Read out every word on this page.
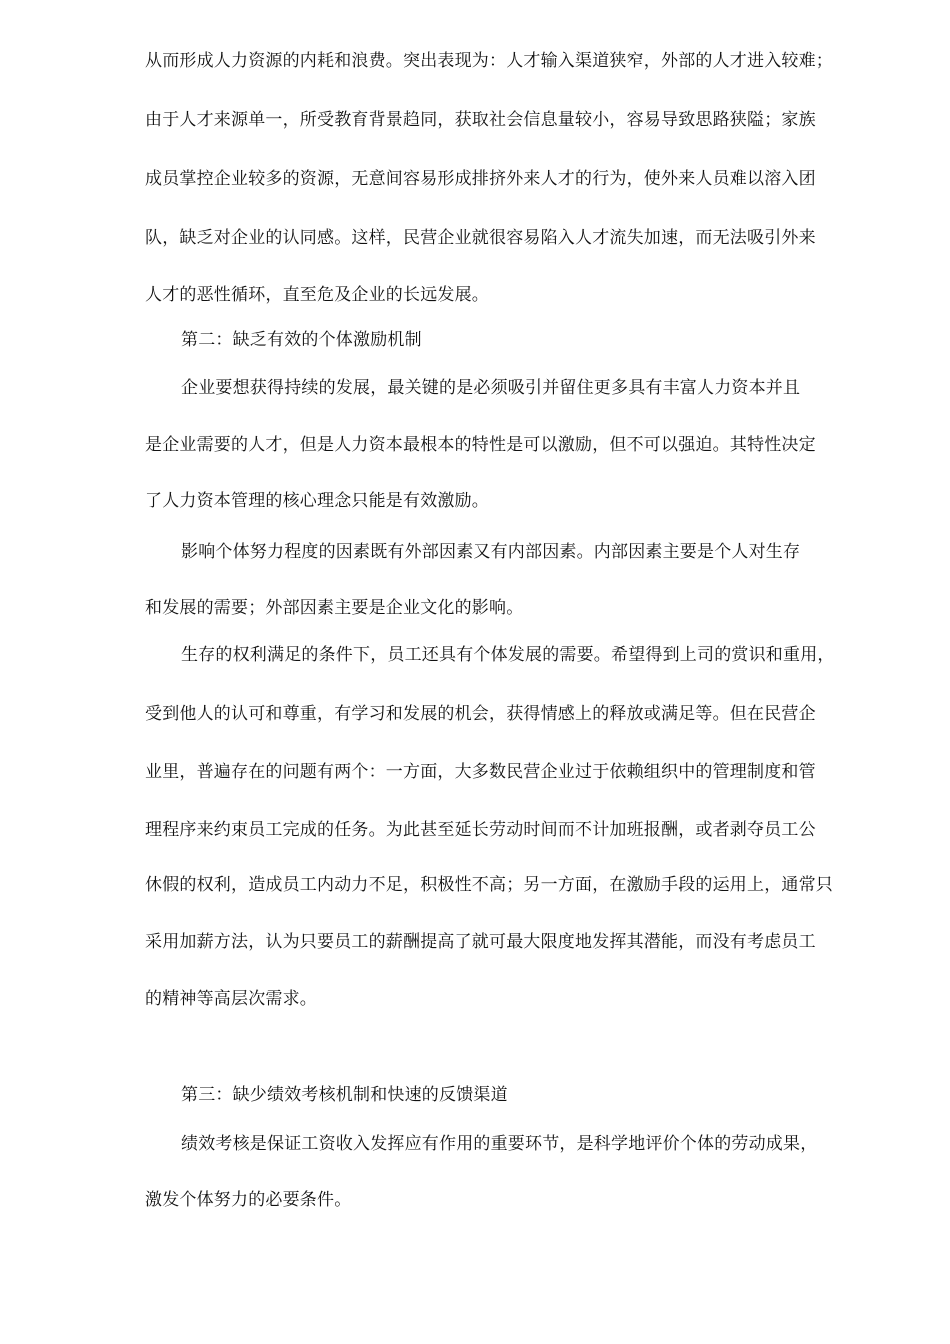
从而形成人力资源的内耗和浪费。突出表现为：人才输入渠道狭窄，外部的人才进入较难；
由于人才来源单一，所受教育背景趋同，获取社会信息量较小，容易导致思路狭隘；家族
成员掌控企业较多的资源，无意间容易形成排挤外来人才的行为，使外来人员难以溶入团
队，缺乏对企业的认同感。这样，民营企业就很容易陷入人才流失加速，而无法吸引外来
人才的恶性循环，直至危及企业的长远发展。
第二：缺乏有效的个体激励机制
企业要想获得持续的发展，最关键的是必须吸引并留住更多具有丰富人力资本并且
是企业需要的人才，但是人力资本最根本的特性是可以激励，但不可以强迫。其特性决定
了人力资本管理的核心理念只能是有效激励。
影响个体努力程度的因素既有外部因素又有内部因素。内部因素主要是个人对生存
和发展的需要；外部因素主要是企业文化的影响。
生存的权利满足的条件下，员工还具有个体发展的需要。希望得到上司的赏识和重用，
受到他人的认可和尊重，有学习和发展的机会，获得情感上的释放或满足等。但在民营企
业里，普遍存在的问题有两个：一方面，大多数民营企业过于依赖组织中的管理制度和管
理程序来约束员工完成的任务。为此甚至延长劳动时间而不计加班报酬，或者剥夺员工公
休假的权利，造成员工内动力不足，积极性不高；另一方面，在激励手段的运用上，通常只
采用加薪方法，认为只要员工的薪酬提高了就可最大限度地发挥其潜能，而没有考虑员工
的精神等高层次需求。
第三：缺少绩效考核机制和快速的反馈渠道
绩效考核是保证工资收入发挥应有作用的重要环节，是科学地评价个体的劳动成果，
激发个体努力的必要条件。
